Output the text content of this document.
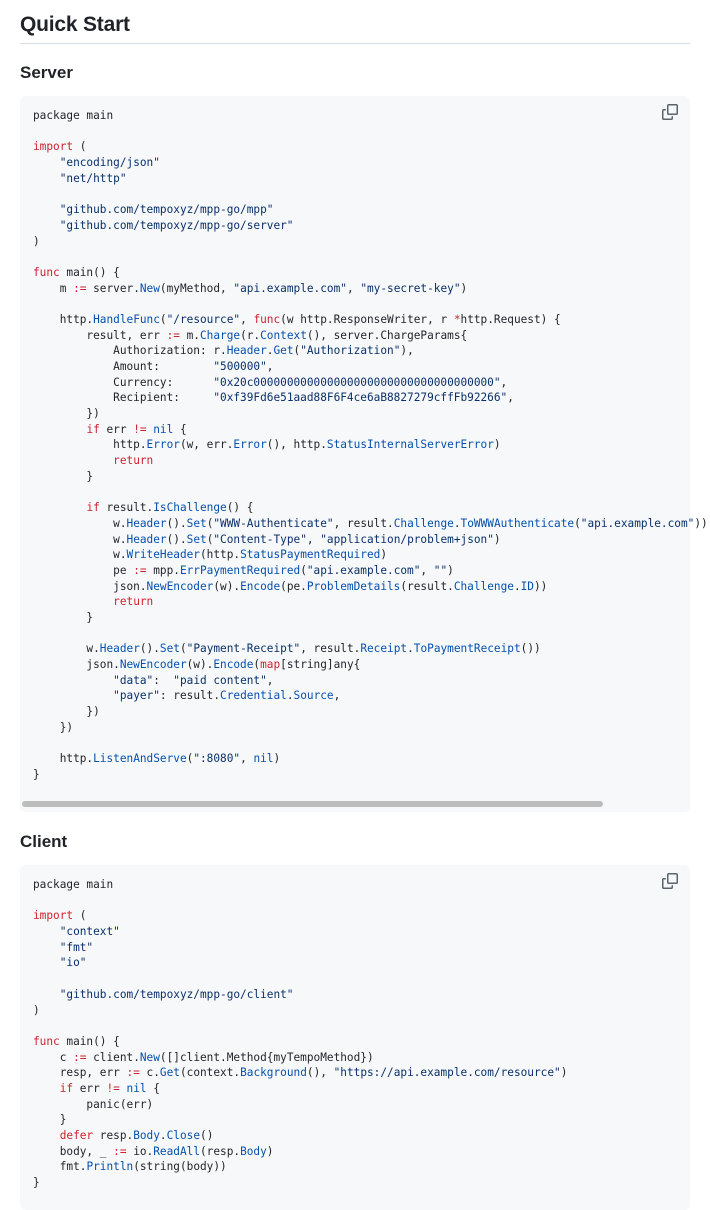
Quick Start
Server
package main
import (
"encoding/json"
"net/http"
"github.com/tempoxyz/mpp-go/mpp"
"github.com/tempoxyz/mpp-go/server"
)
func main() {
m := server.New(myMethod, "api.example.com", "my-secret-key")
http.HandleFunc("/resource", func(w http.ResponseWriter, r *http.Request) {
result, err := m.Charge(r.Context(), server.ChargeParams{
Authorization: r.Header.Get("Authorization"),
Amount:        "500000",
Currency:      "0x20c000000000000000000000000000000000000",
Recipient:     "0xf39Fd6e51aad88F6F4ce6aB8827279cffFb92266",
})
if err != nil {
http.Error(w, err.Error(), http.StatusInternalServerError)
return
}
if result.IsChallenge() {
w.Header().Set("WWW-Authenticate", result.Challenge.ToWWWAuthenticate("api.example.com"))
w.Header().Set("Content-Type", "application/problem+json")
w.WriteHeader(http.StatusPaymentRequired)
pe := mpp.ErrPaymentRequired("api.example.com", "")
json.NewEncoder(w).Encode(pe.ProblemDetails(result.Challenge.ID))
return
}
w.Header().Set("Payment-Receipt", result.Receipt.ToPaymentReceipt())
json.NewEncoder(w).Encode(map[string]any{
"data":  "paid content",
"payer": result.Credential.Source,
})
})
http.ListenAndServe(":8080", nil)
}
Client
package main
import (
"context"
"fmt"
"io"
"github.com/tempoxyz/mpp-go/client"
)
func main() {
c := client.New([]client.Method{myTempoMethod})
resp, err := c.Get(context.Background(), "https://api.example.com/resource")
if err != nil {
panic(err)
}
defer resp.Body.Close()
body, _ := io.ReadAll(resp.Body)
fmt.Println(string(body))
}
